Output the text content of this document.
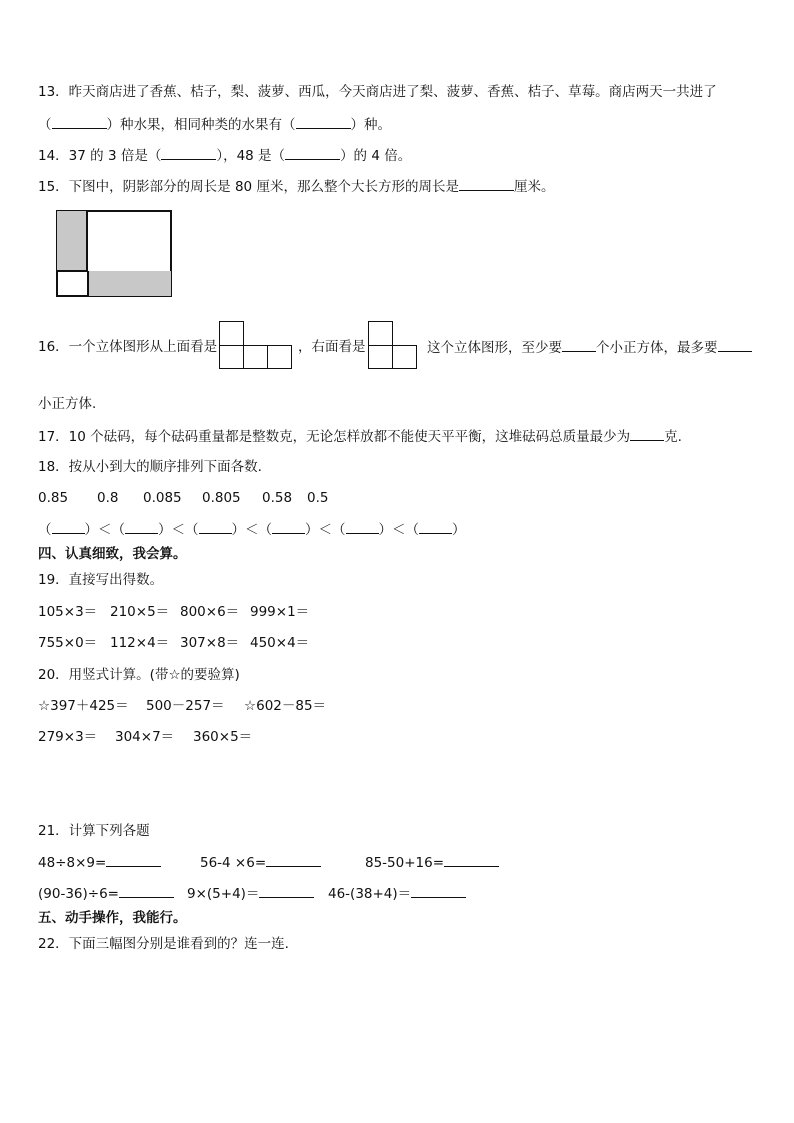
13．昨天商店进了香蕉、桔子，梨、菠萝、西瓜，今天商店进了梨、菠萝、香蕉、桔子、草莓。商店两天一共进了
（	）种水果，相同种类的水果有（	）种。
14．37 的 3 倍是（	），48 是（	）的 4 倍。
15．下图中，阴影部分的周长是 80 厘米，那么整个大长方形的周长是	厘米。
16．一个立体图形从上面看是	，右面看是	这个立体图形，至少要	个小正方体，最多要
小正方体.
17．10 个砝码，每个砝码重量都是整数克，无论怎样放都不能使天平平衡，这堆砝码总质量最少为	克.
18．按从小到大的顺序排列下面各数.
0.85 0.8 0.085 0.805 0.58 0.5
（ ）＜（ ）＜（ ）＜（ ）＜（ ）＜（ ）
四、认真细致，我会算。
19．直接写出得数。
105×3＝ 210×5＝ 800×6＝ 999×1＝
755×0＝ 112×4＝ 307×8＝ 450×4＝
20．用竖式计算。(带☆的要验算)
☆397＋425＝ 500－257＝ ☆602－85＝
279×3＝ 304×7＝ 360×5＝
21．计算下列各题
48÷8×9=	56-4 ×6=	85-50+16=
(90-36)÷6=	9×(5+4)＝	46-(38+4)＝
五、动手操作，我能行。
22．下面三幅图分别是谁看到的？连一连.
